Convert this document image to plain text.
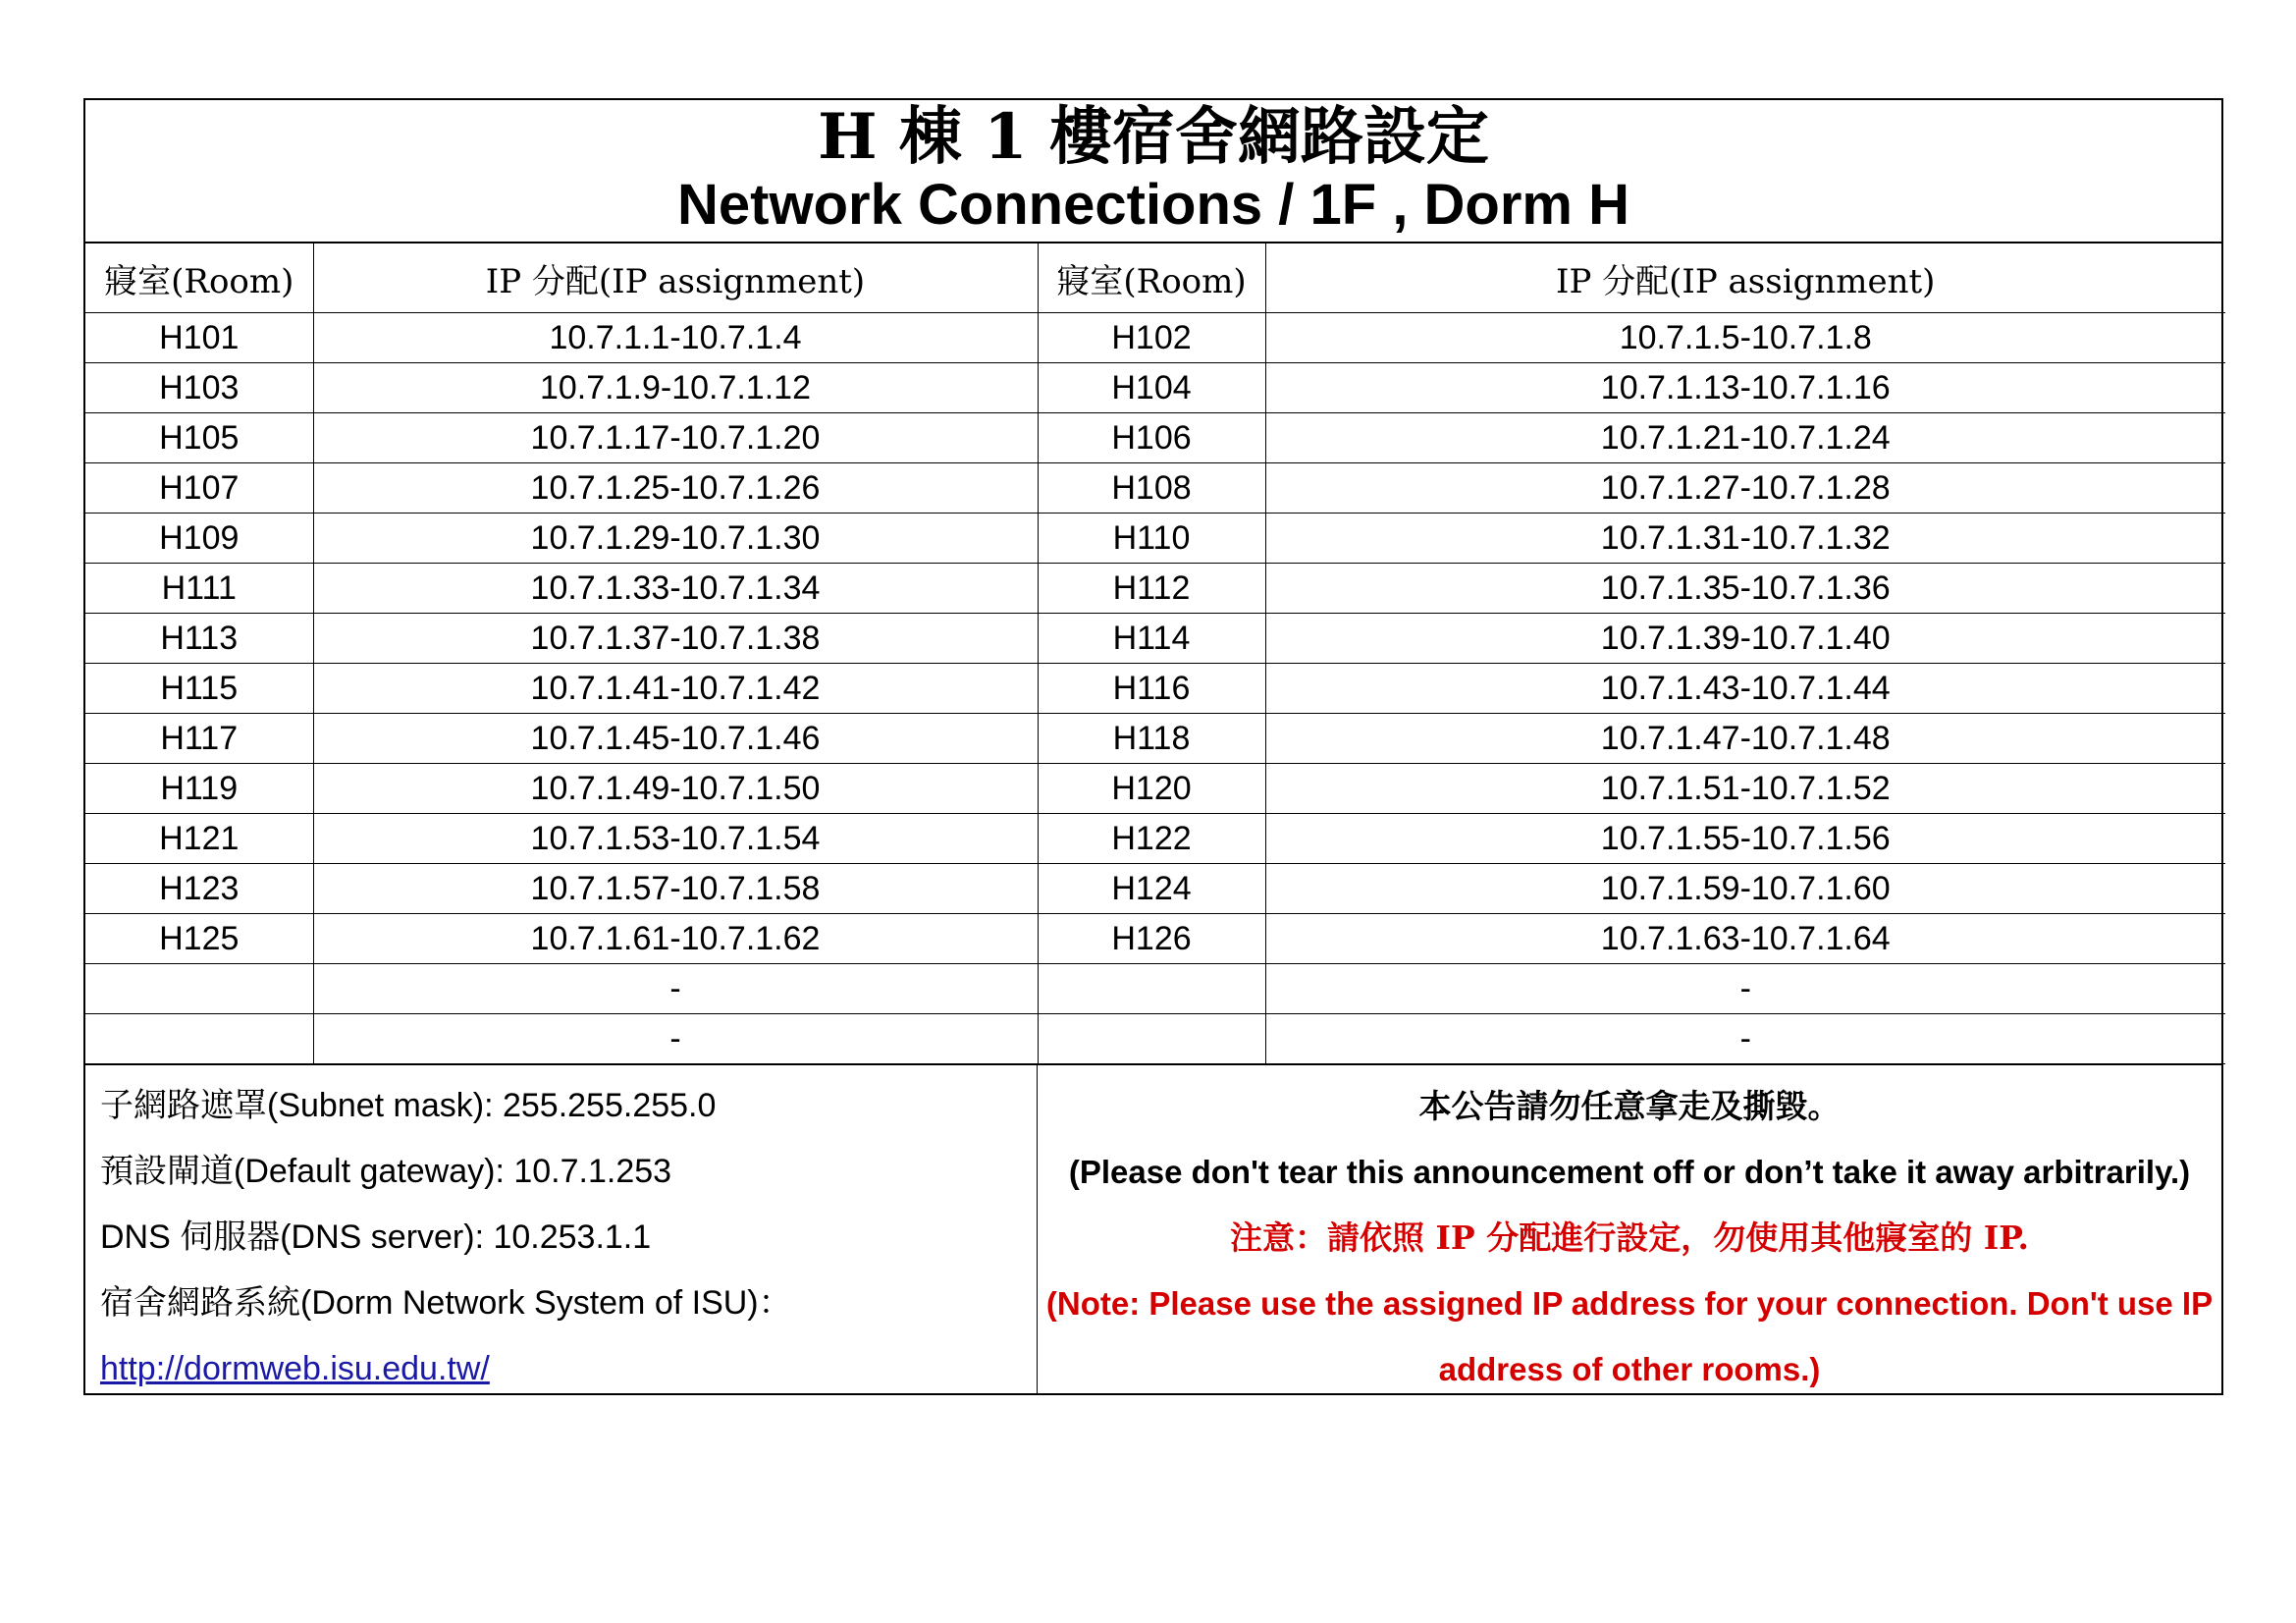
H 棟 1 樓宿舍網路設定
Network Connections / 1F , Dorm H
寢室(Room)	IP 分配(IP assignment)	寢室(Room)	IP 分配(IP assignment)
H101	10.7.1.1-10.7.1.4	H102	10.7.1.5-10.7.1.8
H103	10.7.1.9-10.7.1.12	H104	10.7.1.13-10.7.1.16
H105	10.7.1.17-10.7.1.20	H106	10.7.1.21-10.7.1.24
H107	10.7.1.25-10.7.1.26	H108	10.7.1.27-10.7.1.28
H109	10.7.1.29-10.7.1.30	H110	10.7.1.31-10.7.1.32
H111	10.7.1.33-10.7.1.34	H112	10.7.1.35-10.7.1.36
H113	10.7.1.37-10.7.1.38	H114	10.7.1.39-10.7.1.40
H115	10.7.1.41-10.7.1.42	H116	10.7.1.43-10.7.1.44
H117	10.7.1.45-10.7.1.46	H118	10.7.1.47-10.7.1.48
H119	10.7.1.49-10.7.1.50	H120	10.7.1.51-10.7.1.52
H121	10.7.1.53-10.7.1.54	H122	10.7.1.55-10.7.1.56
H123	10.7.1.57-10.7.1.58	H124	10.7.1.59-10.7.1.60
H125	10.7.1.61-10.7.1.62	H126	10.7.1.63-10.7.1.64
	-		-
	-		-
子網路遮罩(Subnet mask): 255.255.255.0
預設閘道(Default gateway): 10.7.1.253
DNS 伺服器(DNS server): 10.253.1.1
宿舍網路系統(Dorm Network System of ISU)：
http://dormweb.isu.edu.tw/
本公告請勿任意拿走及撕毀。
(Please don't tear this announcement off or don’t take it away arbitrarily.)
注意：請依照 IP 分配進行設定，勿使用其他寢室的 IP.
(Note: Please use the assigned IP address for your connection. Don't use IP
address of other rooms.)
